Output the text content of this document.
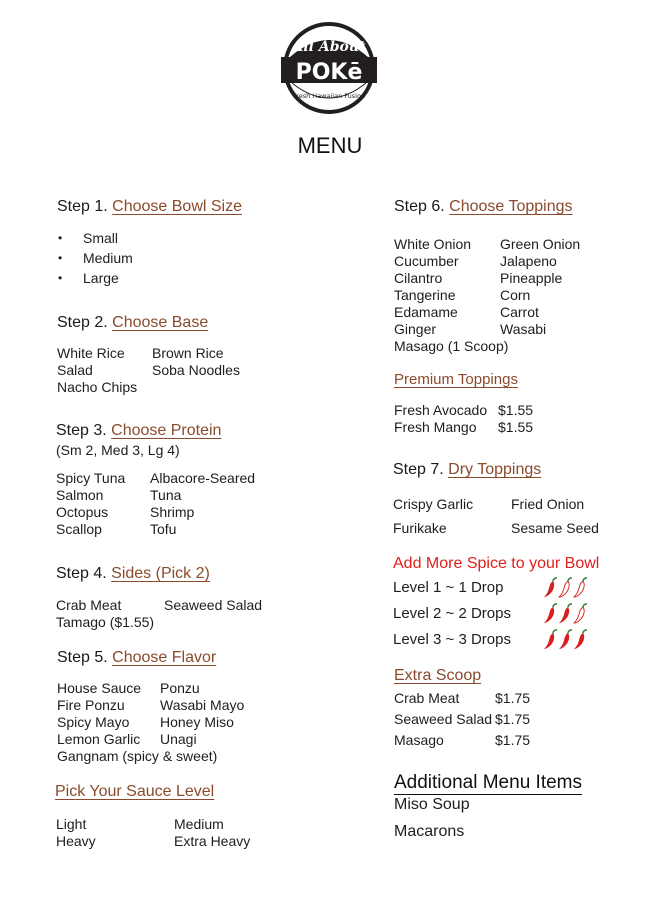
All About
POKē
Fresh Hawaiian Fusion
MENU
Step 1. Choose Bowl Size
• Small
• Medium
• Large
Step 2. Choose Base
White Rice	Brown Rice
Salad	Soba Noodles
Nacho Chips
Step 3. Choose Protein
(Sm 2, Med 3, Lg 4)
Spicy Tuna	Albacore-Seared
Salmon	Tuna
Octopus	Shrimp
Scallop	Tofu
Step 4. Sides (Pick 2)
Crab Meat	Seaweed Salad
Tamago ($1.55)
Step 5. Choose Flavor
House Sauce	Ponzu
Fire Ponzu	Wasabi Mayo
Spicy Mayo	Honey Miso
Lemon Garlic	Unagi
Gangnam (spicy & sweet)
Pick Your Sauce Level
Light	Medium
Heavy	Extra Heavy
Step 6. Choose Toppings
White Onion	Green Onion
Cucumber	Jalapeno
Cilantro	Pineapple
Tangerine	Corn
Edamame	Carrot
Ginger	Wasabi
Masago (1 Scoop)
Premium Toppings
Fresh Avocado $1.55
Fresh Mango	$1.55
Step 7. Dry Toppings
Crispy Garlic	Fried Onion
Furikake	Sesame Seed
Add More Spice to your Bowl
Level 1 ~ 1 Drop
Level 2 ~ 2 Drops
Level 3 ~ 3 Drops
Extra Scoop
Crab Meat	$1.75
Seaweed Salad $1.75
Masago	$1.75
Additional Menu Items
Miso Soup
Macarons
